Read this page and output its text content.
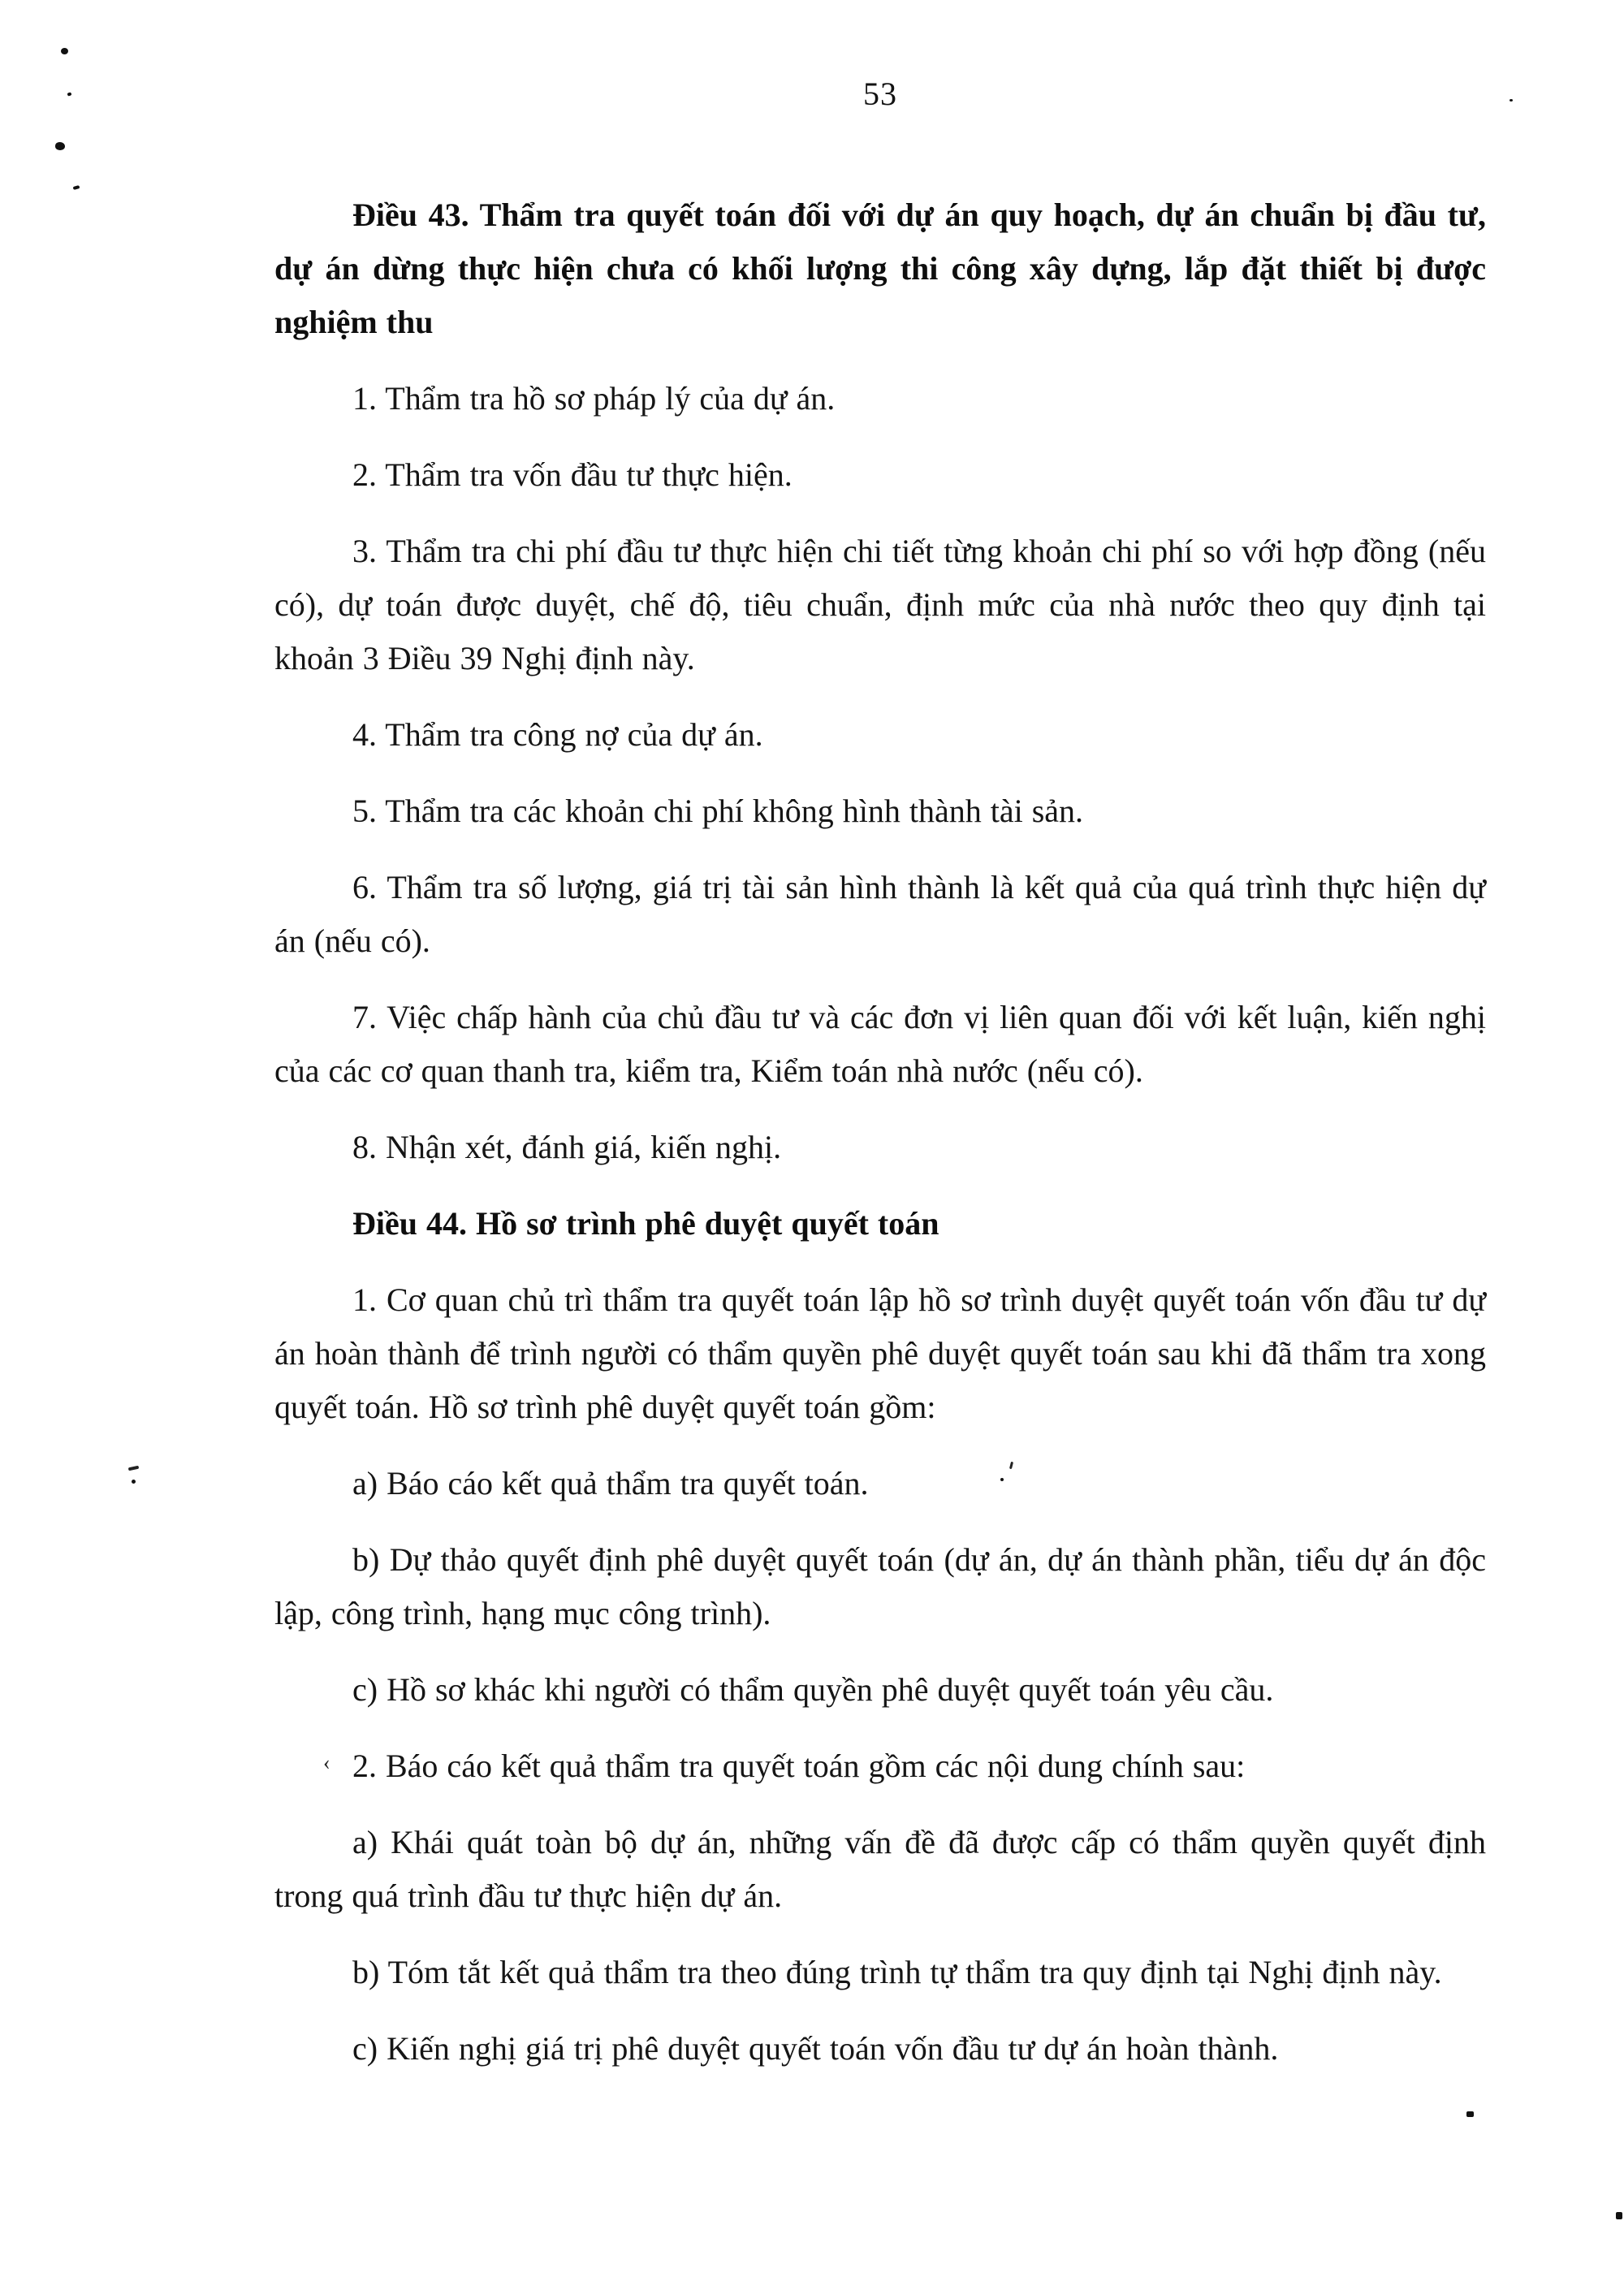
‹
53

Điều 43. Thẩm tra quyết toán đối với dự án quy hoạch, dự án chuẩn bị đầu tư, dự án dừng thực hiện chưa có khối lượng thi công xây dựng, lắp đặt thiết bị được nghiệm thu

1. Thẩm tra hồ sơ pháp lý của dự án.

2. Thẩm tra vốn đầu tư thực hiện.

3. Thẩm tra chi phí đầu tư thực hiện chi tiết từng khoản chi phí so với hợp đồng (nếu có), dự toán được duyệt, chế độ, tiêu chuẩn, định mức của nhà nước theo quy định tại khoản 3 Điều 39 Nghị định này.

4. Thẩm tra công nợ của dự án.

5. Thẩm tra các khoản chi phí không hình thành tài sản.

6. Thẩm tra số lượng, giá trị tài sản hình thành là kết quả của quá trình thực hiện dự án (nếu có).

7. Việc chấp hành của chủ đầu tư và các đơn vị liên quan đối với kết luận, kiến nghị của các cơ quan thanh tra, kiểm tra, Kiểm toán nhà nước (nếu có).

8. Nhận xét, đánh giá, kiến nghị.

Điều 44. Hồ sơ trình phê duyệt quyết toán

1. Cơ quan chủ trì thẩm tra quyết toán lập hồ sơ trình duyệt quyết toán vốn đầu tư dự án hoàn thành để trình người có thẩm quyền phê duyệt quyết toán sau khi đã thẩm tra xong quyết toán. Hồ sơ trình phê duyệt quyết toán gồm:

a) Báo cáo kết quả thẩm tra quyết toán.

b) Dự thảo quyết định phê duyệt quyết toán (dự án, dự án thành phần, tiểu dự án độc lập, công trình, hạng mục công trình).

c) Hồ sơ khác khi người có thẩm quyền phê duyệt quyết toán yêu cầu.

2. Báo cáo kết quả thẩm tra quyết toán gồm các nội dung chính sau:

a) Khái quát toàn bộ dự án, những vấn đề đã được cấp có thẩm quyền quyết định trong quá trình đầu tư thực hiện dự án.

b) Tóm tắt kết quả thẩm tra theo đúng trình tự thẩm tra quy định tại Nghị định này.

c) Kiến nghị giá trị phê duyệt quyết toán vốn đầu tư dự án hoàn thành.
